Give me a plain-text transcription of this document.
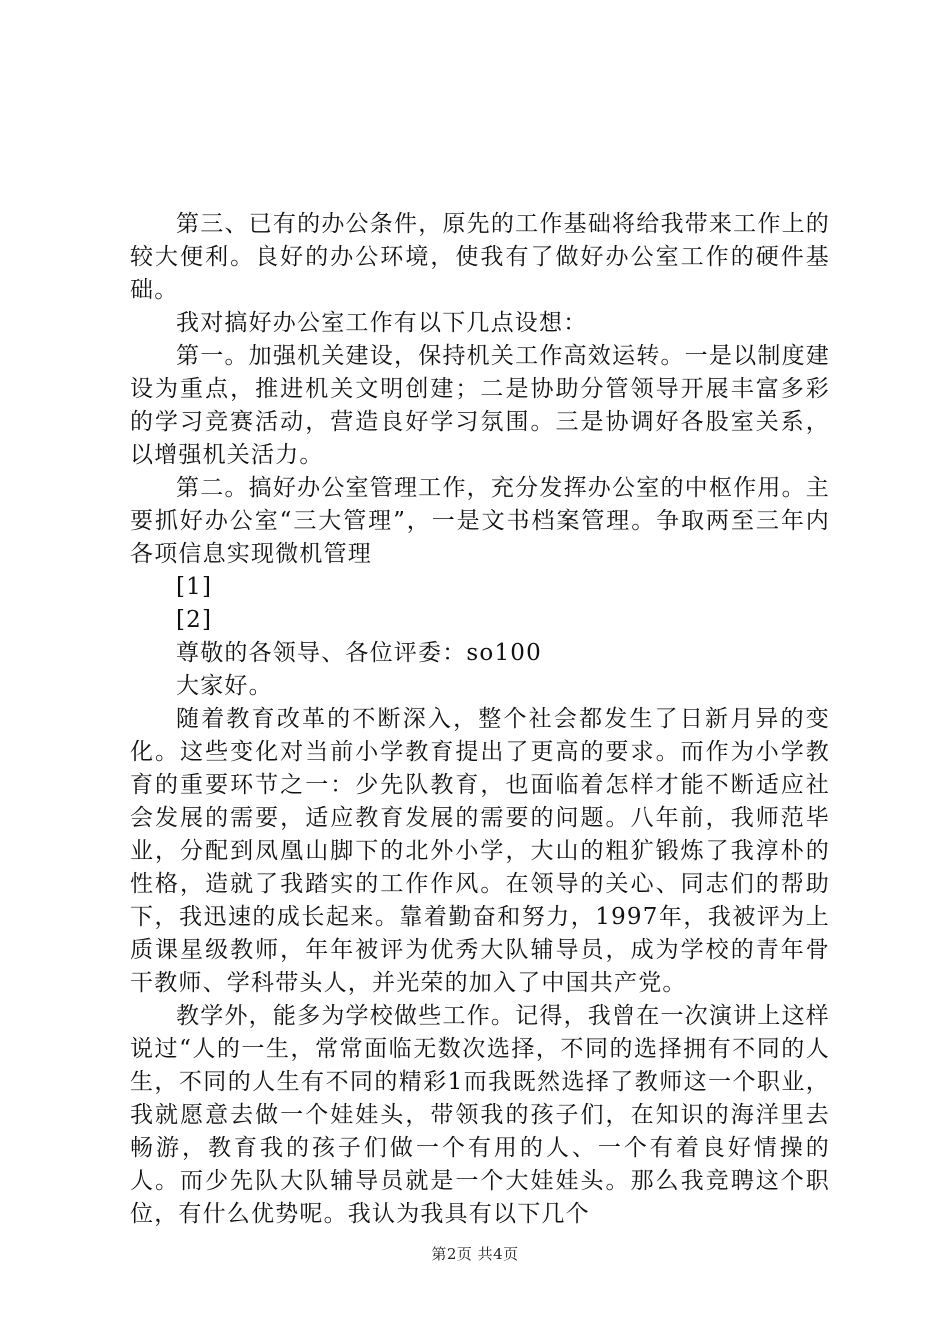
第三、已有的办公条件，原先的工作基础将给我带来工作上的较大便利。良好的办公环境，使我有了做好办公室工作的硬件基础。

我对搞好办公室工作有以下几点设想：

第一。加强机关建设，保持机关工作高效运转。一是以制度建设为重点，推进机关文明创建；二是协助分管领导开展丰富多彩的学习竞赛活动，营造良好学习氛围。三是协调好各股室关系，以增强机关活力。

第二。搞好办公室管理工作，充分发挥办公室的中枢作用。主要抓好办公室“三大管理”，一是文书档案管理。争取两至三年内各项信息实现微机管理

[1]

[2]

尊敬的各领导、各位评委：so100

大家好。

随着教育改革的不断深入，整个社会都发生了日新月异的变化。这些变化对当前小学教育提出了更高的要求。而作为小学教育的重要环节之一：少先队教育，也面临着怎样才能不断适应社会发展的需要，适应教育发展的需要的问题。八年前，我师范毕业，分配到凤凰山脚下的北外小学，大山的粗犷锻炼了我淳朴的性格，造就了我踏实的工作作风。在领导的关心、同志们的帮助下，我迅速的成长起来。靠着勤奋和努力，1997年，我被评为上质课星级教师，年年被评为优秀大队辅导员，成为学校的青年骨干教师、学科带头人，并光荣的加入了中国共产党。

教学外，能多为学校做些工作。记得，我曾在一次演讲上这样说过“人的一生，常常面临无数次选择，不同的选择拥有不同的人生，不同的人生有不同的精彩1而我既然选择了教师这一个职业，我就愿意去做一个娃娃头，带领我的孩子们，在知识的海洋里去畅游，教育我的孩子们做一个有用的人、一个有着良好情操的人。而少先队大队辅导员就是一个大娃娃头。那么我竞聘这个职位，有什么优势呢。我认为我具有以下几个

第2页 共4页
